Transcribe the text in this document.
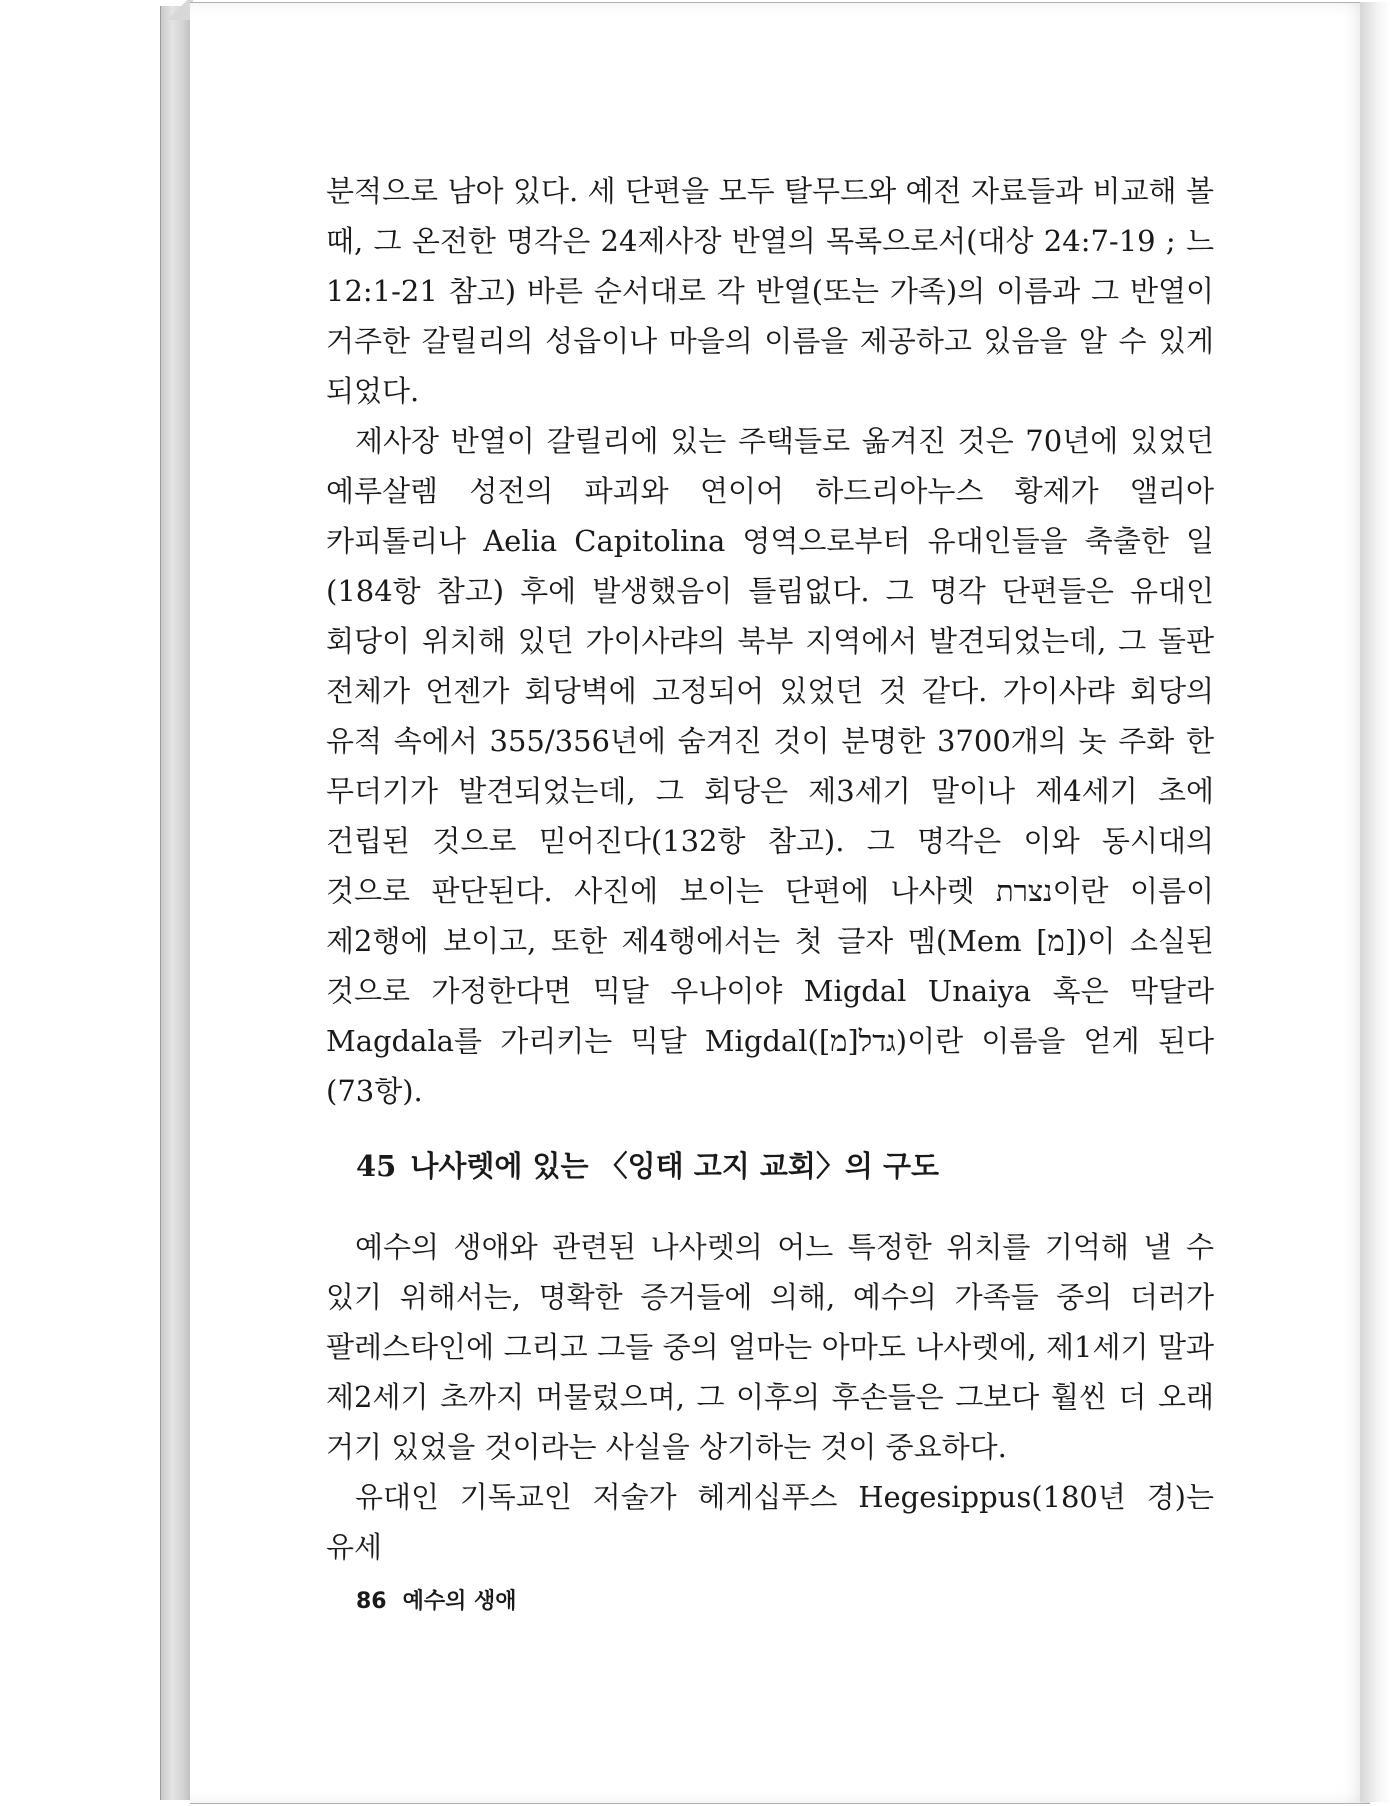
분적으로 남아 있다. 세 단편을 모두 탈무드와 예전 자료들과 비교해 볼 때, 그 온전한 명각은 24제사장 반열의 목록으로서(대상 24:7-19 ; 느 12:1-21 참고) 바른 순서대로 각 반열(또는 가족)의 이름과 그 반열이 거주한 갈릴리의 성읍이나 마을의 이름을 제공하고 있음을 알 수 있게 되었다.

제사장 반열이 갈릴리에 있는 주택들로 옮겨진 것은 70년에 있었던 예루살렘 성전의 파괴와 연이어 하드리아누스 황제가 앨리아 카피톨리나 Aelia Capitolina 영역으로부터 유대인들을 축출한 일(184항 참고) 후에 발생했음이 틀림없다. 그 명각 단편들은 유대인 회당이 위치해 있던 가이사랴의 북부 지역에서 발견되었는데, 그 돌판 전체가 언젠가 회당벽에 고정되어 있었던 것 같다. 가이사랴 회당의 유적 속에서 355/356년에 숨겨진 것이 분명한 3700개의 놋 주화 한 무더기가 발견되었는데, 그 회당은 제3세기 말이나 제4세기 초에 건립된 것으로 믿어진다(132항 참고). 그 명각은 이와 동시대의 것으로 판단된다. 사진에 보이는 단편에 나사렛 נצרת이란 이름이 제2행에 보이고, 또한 제4행에서는 첫 글자 멤(Mem [מ])이 소실된 것으로 가정한다면 믹달 우나이야 Migdal Unaiya 혹은 막달라 Magdala를 가리키는 믹달 Migdal(גדל[מ])이란 이름을 얻게 된다(73항).

45 나사렛에 있는 〈잉태 고지 교회〉의 구도

예수의 생애와 관련된 나사렛의 어느 특정한 위치를 기억해 낼 수 있기 위해서는, 명확한 증거들에 의해, 예수의 가족들 중의 더러가 팔레스타인에 그리고 그들 중의 얼마는 아마도 나사렛에, 제1세기 말과 제2세기 초까지 머물렀으며, 그 이후의 후손들은 그보다 훨씬 더 오래 거기 있었을 것이라는 사실을 상기하는 것이 중요하다.

유대인 기독교인 저술가 헤게십푸스 Hegesippus(180년 경)는 유세

86 예수의 생애
